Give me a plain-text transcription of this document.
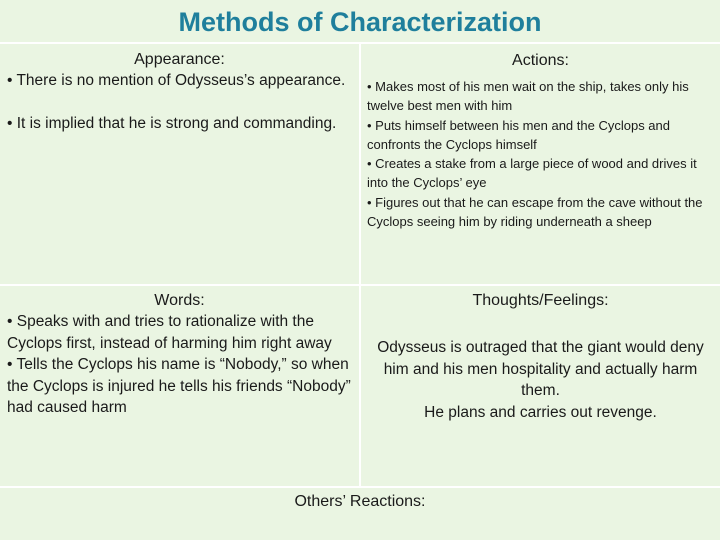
Methods of Characterization
Appearance:

• There is no mention of Odysseus’s appearance.

• It is implied that he is strong and commanding.

Actions:

• Makes most of his men wait on the ship, takes only his twelve best men with him

• Puts himself between his men and the Cyclops and confronts the Cyclops himself

• Creates a stake from a large piece of wood and drives it into the Cyclops’ eye

• Figures out that he can escape from the cave without the Cyclops seeing him by riding underneath a sheep

Words:

• Speaks with and tries to rationalize with the Cyclops first, instead of harming him right away

• Tells the Cyclops his name is “Nobody,” so when the Cyclops is injured he tells his friends “Nobody” had caused harm

Thoughts/Feelings:

Odysseus is outraged that the giant would deny him and his men hospitality and actually harm them.

He plans and carries out revenge.

Others’ Reactions:
